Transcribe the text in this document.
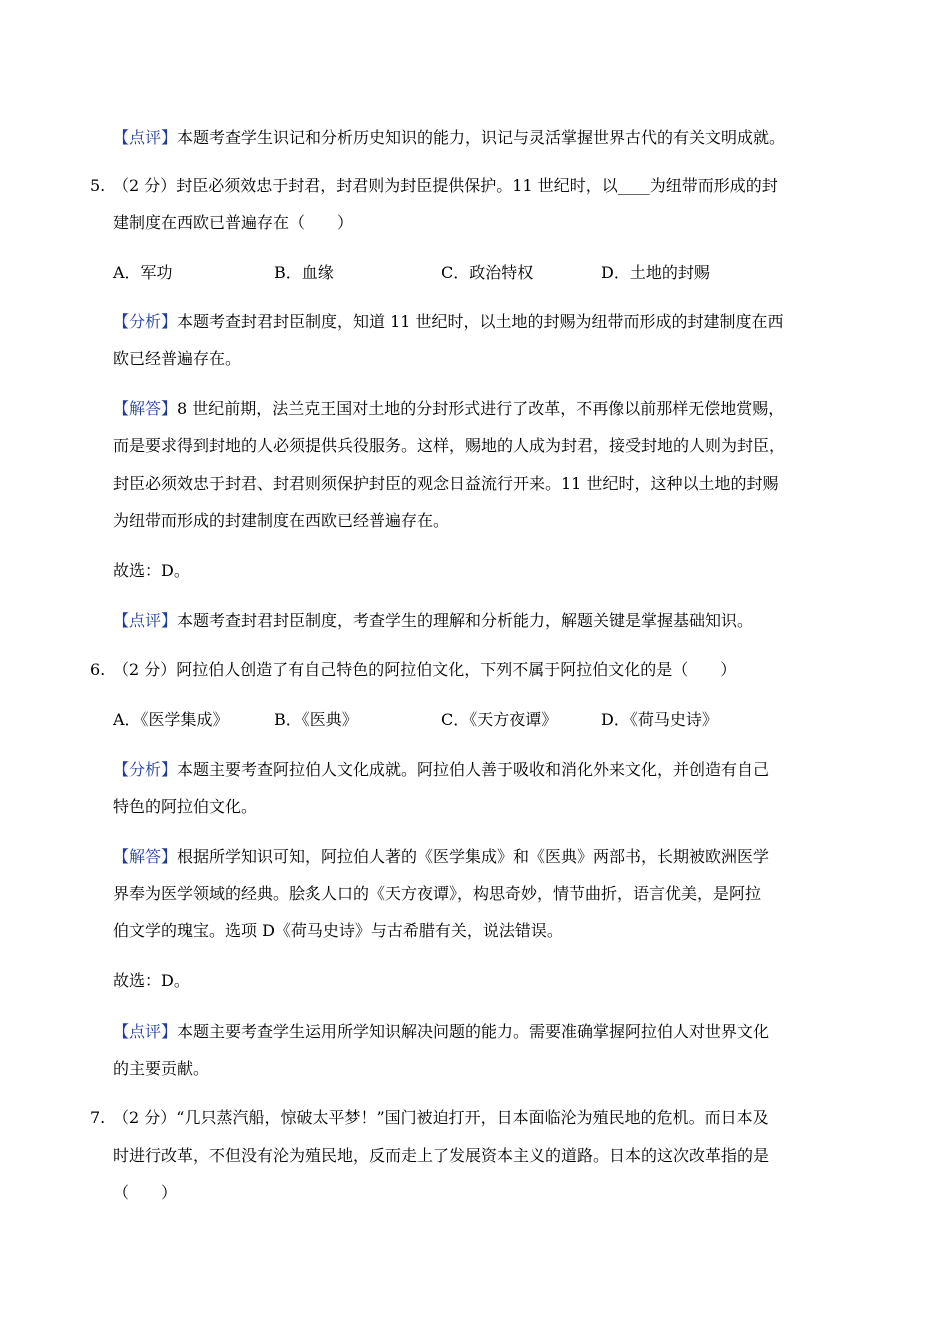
【点评】本题考查学生识记和分析历史知识的能力，识记与灵活掌握世界古代的有关文明成就。
5. （2 分）封臣必须效忠于封君，封君则为封臣提供保护。11 世纪时，以____为纽带而形成的封
建制度在西欧已普遍存在（　　）
A．军功	B．血缘	C．政治特权	D．土地的封赐
【分析】本题考查封君封臣制度，知道 11 世纪时，以土地的封赐为纽带而形成的封建制度在西
欧已经普遍存在。
【解答】8 世纪前期，法兰克王国对土地的分封形式进行了改革，不再像以前那样无偿地赏赐，
而是要求得到封地的人必须提供兵役服务。这样，赐地的人成为封君，接受封地的人则为封臣，
封臣必须效忠于封君、封君则须保护封臣的观念日益流行开来。11 世纪时，这种以土地的封赐
为纽带而形成的封建制度在西欧已经普遍存在。
故选：D。
【点评】本题考查封君封臣制度，考查学生的理解和分析能力，解题关键是掌握基础知识。
6. （2 分）阿拉伯人创造了有自己特色的阿拉伯文化，下列不属于阿拉伯文化的是（　　）
A．《医学集成》	B．《医典》	C．《天方夜谭》	D．《荷马史诗》
【分析】本题主要考查阿拉伯人文化成就。阿拉伯人善于吸收和消化外来文化，并创造有自己
特色的阿拉伯文化。
【解答】根据所学知识可知，阿拉伯人著的《医学集成》和《医典》两部书，长期被欧洲医学
界奉为医学领域的经典。脍炙人口的《天方夜谭》，构思奇妙，情节曲折，语言优美，是阿拉
伯文学的瑰宝。选项 D《荷马史诗》与古希腊有关，说法错误。
故选：D。
【点评】本题主要考查学生运用所学知识解决问题的能力。需要准确掌握阿拉伯人对世界文化
的主要贡献。
7. （2 分）“几只蒸汽船，惊破太平梦！”国门被迫打开，日本面临沦为殖民地的危机。而日本及
时进行改革，不但没有沦为殖民地，反而走上了发展资本主义的道路。日本的这次改革指的是
（　　）
